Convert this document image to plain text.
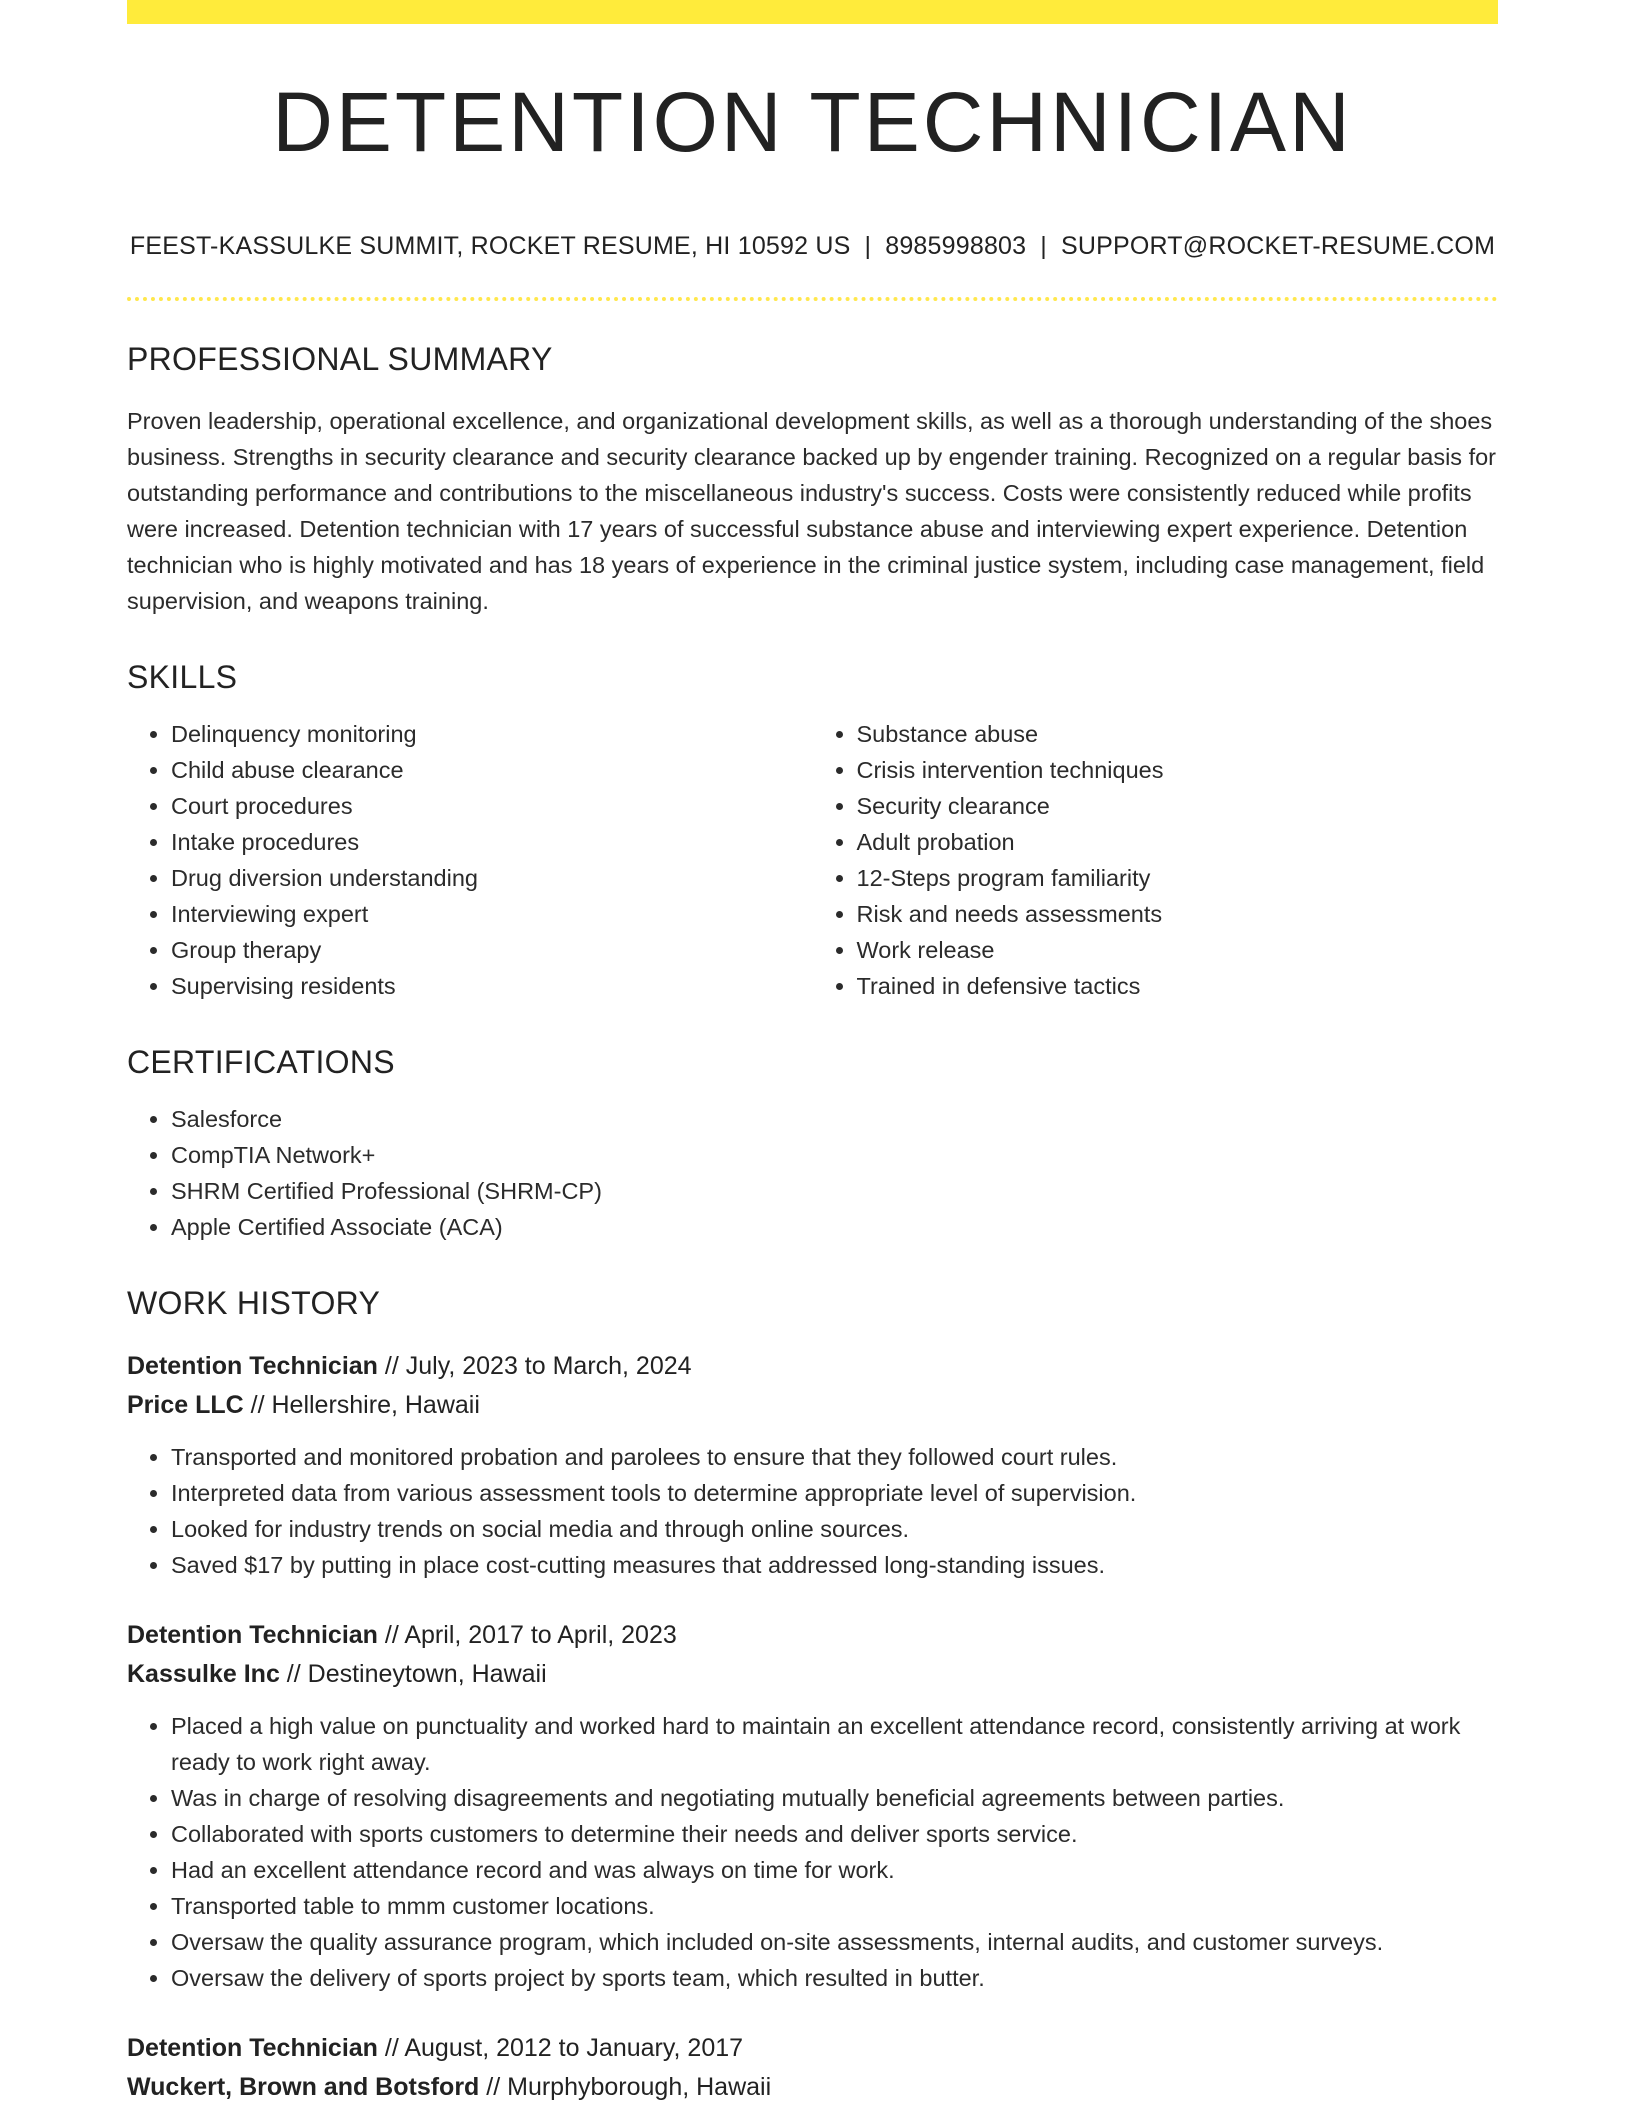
DETENTION TECHNICIAN
FEEST-KASSULKE SUMMIT, ROCKET RESUME, HI 10592 US | 8985998803 | SUPPORT@ROCKET-RESUME.COM
PROFESSIONAL SUMMARY

Proven leadership, operational excellence, and organizational development skills, as well as a thorough understanding of the shoes business. Strengths in security clearance and security clearance backed up by engender training. Recognized on a regular basis for outstanding performance and contributions to the miscellaneous industry's success. Costs were consistently reduced while profits were increased. Detention technician with 17 years of successful substance abuse and interviewing expert experience. Detention technician who is highly motivated and has 18 years of experience in the criminal justice system, including case management, field supervision, and weapons training.

SKILLS
• Delinquency monitoring
• Child abuse clearance
• Court procedures
• Intake procedures
• Drug diversion understanding
• Interviewing expert
• Group therapy
• Supervising residents
• Substance abuse
• Crisis intervention techniques
• Security clearance
• Adult probation
• 12-Steps program familiarity
• Risk and needs assessments
• Work release
• Trained in defensive tactics
CERTIFICATIONS
• Salesforce
• CompTIA Network+
• SHRM Certified Professional (SHRM-CP)
• Apple Certified Associate (ACA)
WORK HISTORY
Detention Technician // July, 2023 to March, 2024
Price LLC // Hellershire, Hawaii
• Transported and monitored probation and parolees to ensure that they followed court rules.
• Interpreted data from various assessment tools to determine appropriate level of supervision.
• Looked for industry trends on social media and through online sources.
• Saved $17 by putting in place cost-cutting measures that addressed long-standing issues.
Detention Technician // April, 2017 to April, 2023
Kassulke Inc // Destineytown, Hawaii
• Placed a high value on punctuality and worked hard to maintain an excellent attendance record, consistently arriving at work ready to work right away.
• Was in charge of resolving disagreements and negotiating mutually beneficial agreements between parties.
• Collaborated with sports customers to determine their needs and deliver sports service.
• Had an excellent attendance record and was always on time for work.
• Transported table to mmm customer locations.
• Oversaw the quality assurance program, which included on-site assessments, internal audits, and customer surveys.
• Oversaw the delivery of sports project by sports team, which resulted in butter.
Detention Technician // August, 2012 to January, 2017
Wuckert, Brown and Botsford // Murphyborough, Hawaii
